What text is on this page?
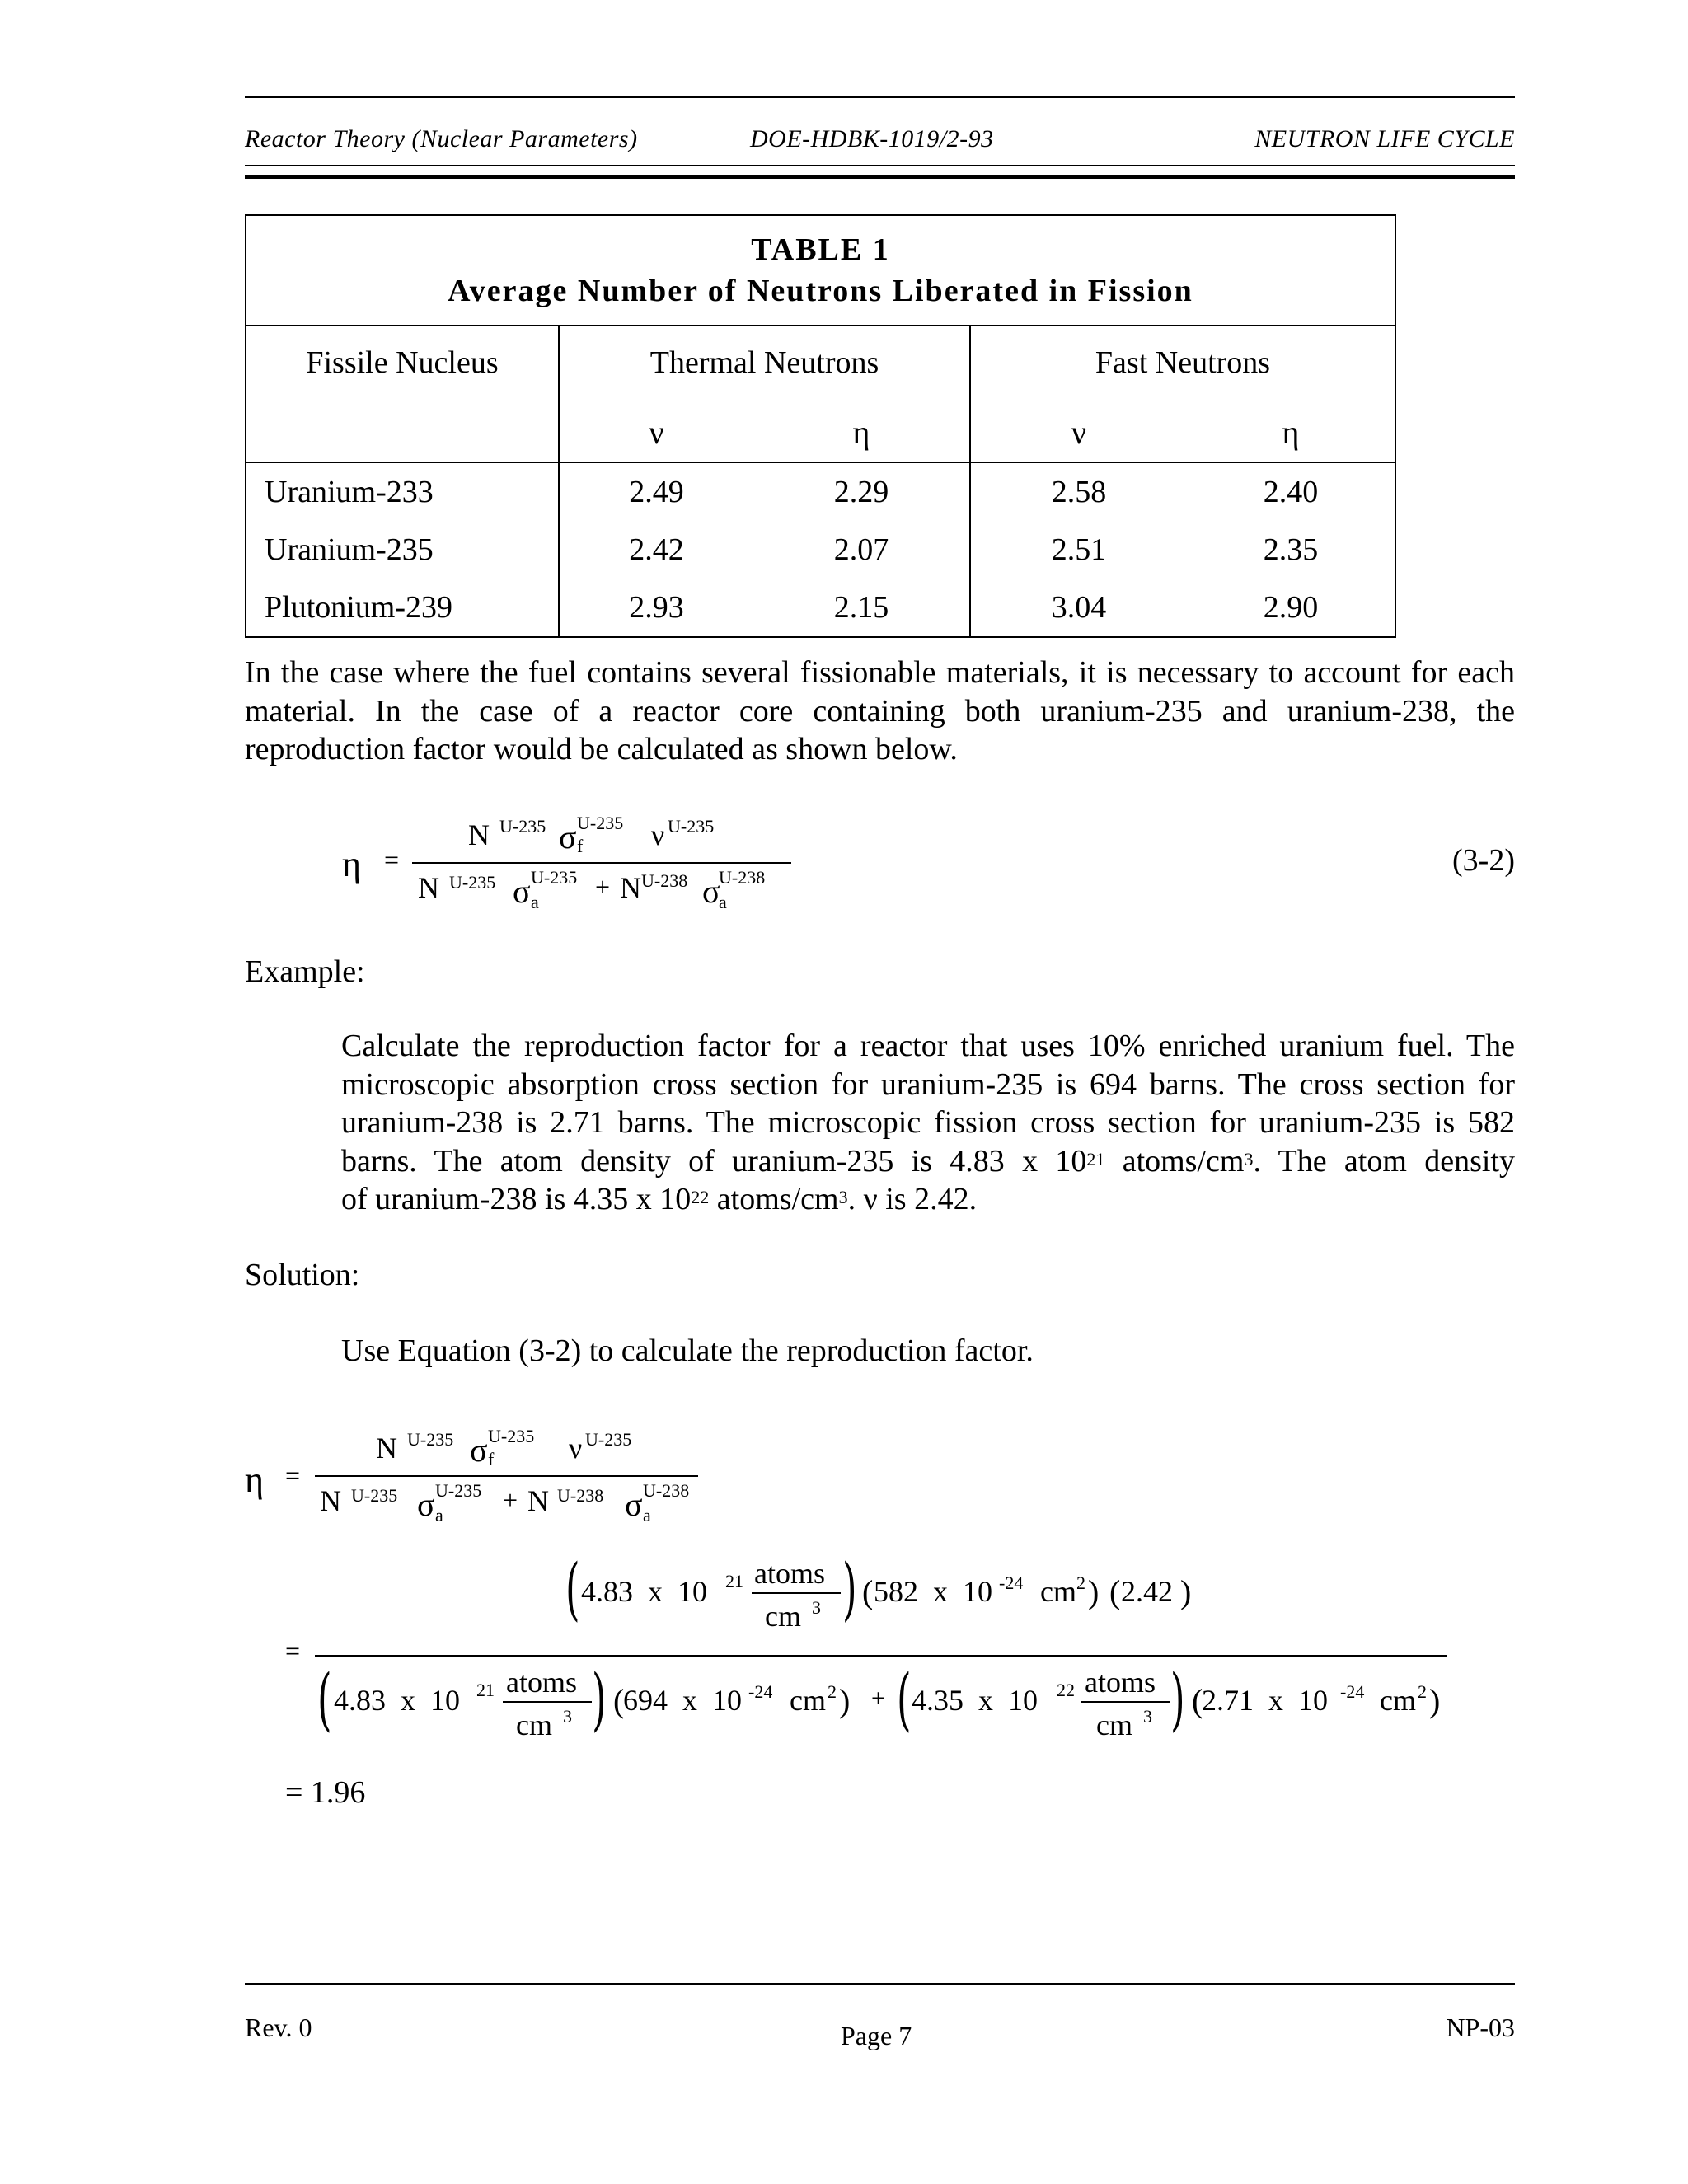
Reactor Theory (Nuclear Parameters)	DOE-HDBK-1019/2-93	NEUTRON LIFE CYCLE
TABLE 1
Average Number of Neutrons Liberated in Fission				

Fissile Nucleus	Thermal Neutrons		Fast Neutrons	
	ν	η	ν	η
Uranium-233	2.49	2.29	2.58	2.40
Uranium-235	2.42	2.07	2.51	2.35
Plutonium-239	2.93	2.15	3.04	2.90
In the case where the fuel contains several fissionable materials, it is necessary to account for each material. In the case of a reactor core containing both uranium-235 and uranium-238, the
reproduction factor would be calculated as shown below.
η =
N U-235 σ U-235
f ν U-235
N U-235 σ U-235
a
+ N U-238 σ
U-238
a
(3-2)
Example:
Calculate the reproduction factor for a reactor that uses 10% enriched uranium fuel. The microscopic absorption cross section for uranium-235 is 694 barns. The cross section for uranium-238 is 2.71 barns. The microscopic fission cross section for uranium-235 is 582 barns. The atom density of uranium-235 is 4.83 x $10^{21}$ atoms/$cm^3$. The atom density
of uranium-238 is 4.35 x $10^{22}$ atoms/$cm^3$. ν is 2.42.
Solution:
Use Equation (3-2) to calculate the reproduction factor.
η =
N U-235 σ U-235
f	ν U-235
N U-235 σ U-235
a
+ N U-238 σ U-238
a
=
( 4.83  x  10 21 atoms
cm 3 ) ( 582  x  10 -24 cm 2 ) ( 2.42 )
( 4.83  x  10 21 atoms
cm 3 ) (
694  x  10 -24 cm 2 ) + ( 4.35  x  10 22 atoms
cm 3 ) (
2.71  x  10 -24 cm 2 )
= 1.96
Rev. 0	Page 7	NP-03
